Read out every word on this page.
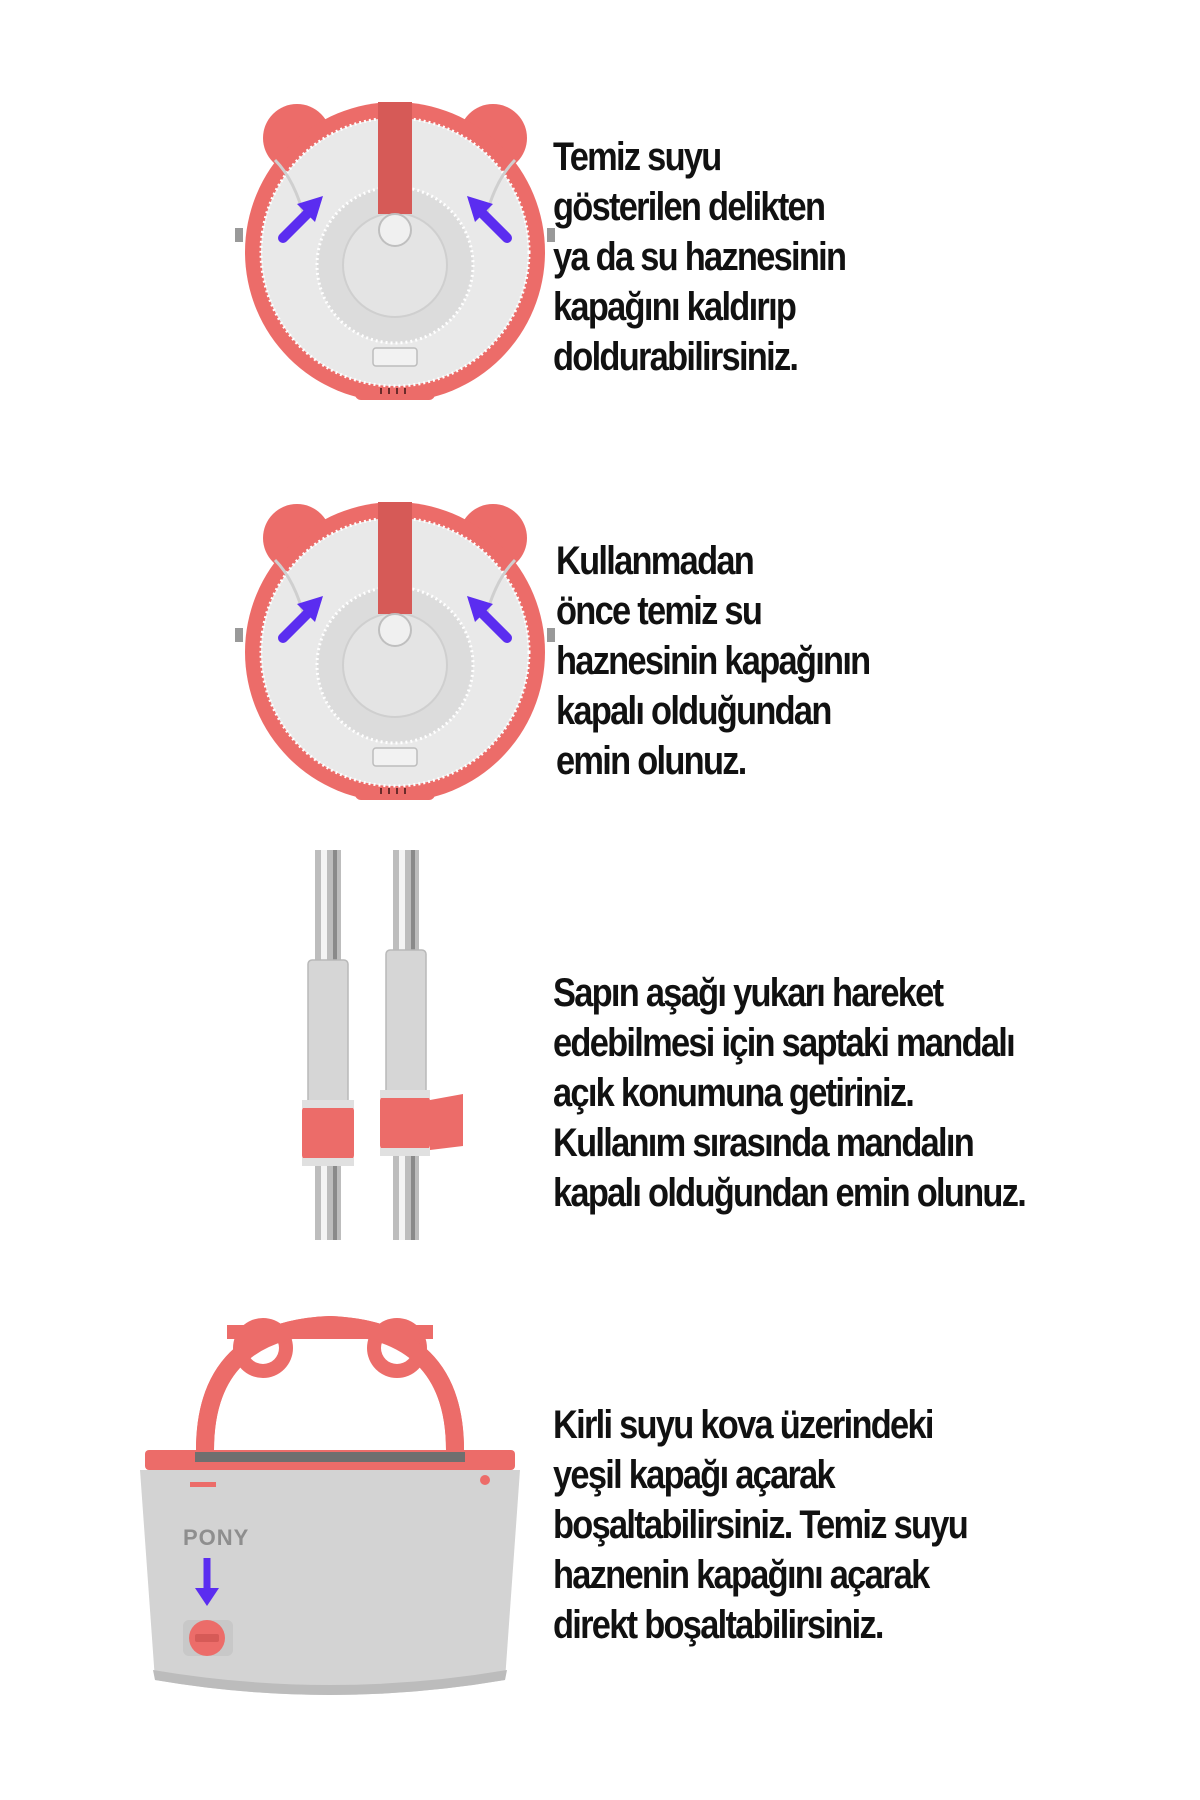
Temiz suyu
gösterilen delikten
ya da su haznesinin
kapağını kaldırıp
doldurabilirsiniz.
Kullanmadan
önce temiz su
haznesinin kapağının
kapalı olduğundan
emin olunuz.
Sapın aşağı yukarı hareket
edebilmesi için saptaki mandalı
açık konumuna getiriniz.
Kullanım sırasında mandalın
kapalı olduğundan emin olunuz.
PONY
Kirli suyu kova üzerindeki
yeşil kapağı açarak
boşaltabilirsiniz. Temiz suyu
haznenin kapağını açarak
direkt boşaltabilirsiniz.
